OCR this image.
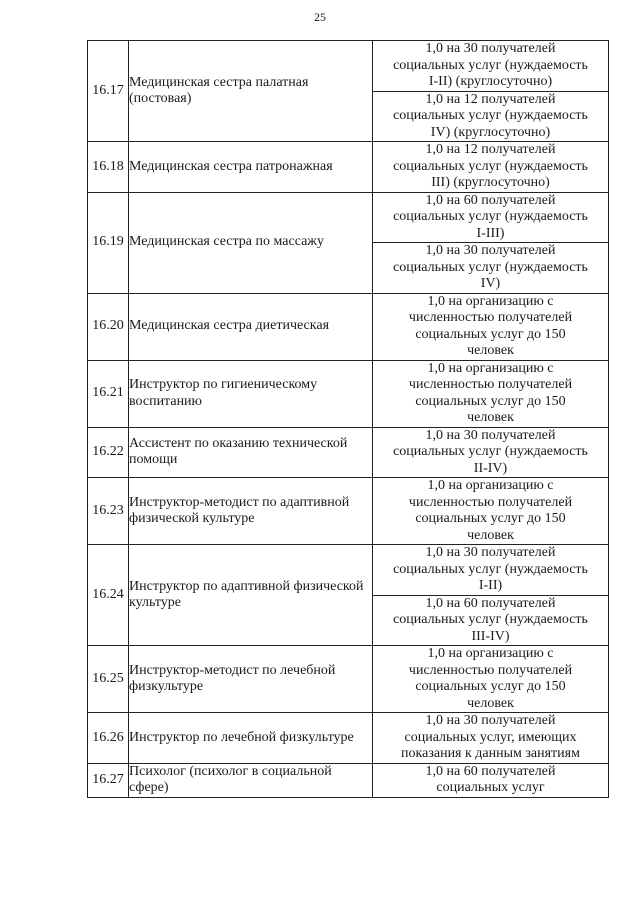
25
16.17	Медицинская сестра палатная (постовая)	1,0 на 30 получателей
социальных услуг (нуждаемость
I-II) (круглосуточно)

		1,0 на 12 получателей
социальных услуг (нуждаемость
IV) (круглосуточно)

16.18	Медицинская сестра патронажная	1,0 на 12 получателей
социальных услуг (нуждаемость
III) (круглосуточно)

16.19	Медицинская сестра по массажу	1,0 на 60 получателей
социальных услуг (нуждаемость
I-III)

		1,0 на 30 получателей
социальных услуг (нуждаемость
IV)

16.20	Медицинская сестра диетическая	1,0 на организацию с
численностью получателей
социальных услуг до 150
человек

16.21	Инструктор по гигиеническому воспитанию	1,0 на организацию с
численностью получателей
социальных услуг до 150
человек

16.22	Ассистент по оказанию технической помощи	1,0 на 30 получателей
социальных услуг (нуждаемость
II-IV)

16.23	Инструктор-методист по адаптивной физической культуре	1,0 на организацию с
численностью получателей
социальных услуг до 150
человек

16.24	Инструктор по адаптивной физической культуре	1,0 на 30 получателей
социальных услуг (нуждаемость
I-II)

		1,0 на 60 получателей
социальных услуг (нуждаемость
III-IV)

16.25	Инструктор-методист по лечебной физкультуре	1,0 на организацию с
численностью получателей
социальных услуг до 150
человек

16.26	Инструктор по лечебной физкультуре	1,0 на 30 получателей
социальных услуг, имеющих
показания к данным занятиям

16.27	Психолог (психолог в социальной сфере)	1,0 на 60 получателей
социальных услуг
